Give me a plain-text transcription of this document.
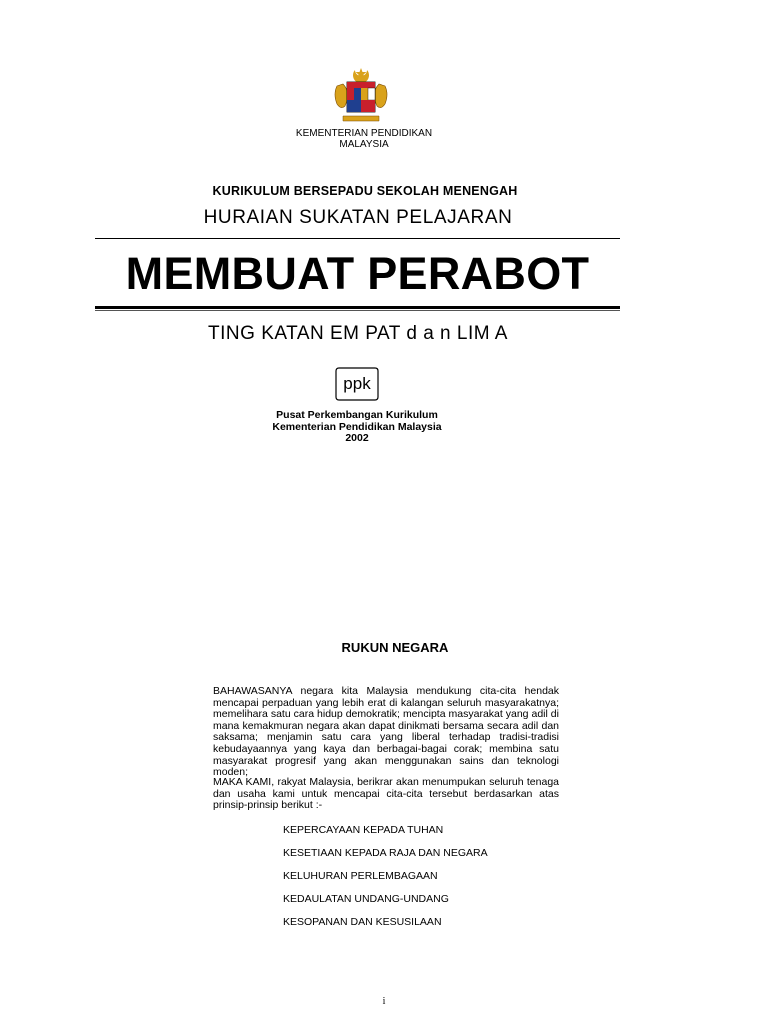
KEMENTERIAN PENDIDIKAN
MALAYSIA
KURIKULUM BERSEPADU SEKOLAH MENENGAH
HURAIAN SUKATAN PELAJARAN
MEMBUAT PERABOT
TING KATAN EM PAT d a n LIM A
ppk
Pusat Perkembangan Kurikulum
Kementerian Pendidikan Malaysia
2002
RUKUN NEGARA
BAHAWASANYA negara kita Malaysia mendukung cita-cita hendak mencapai perpaduan yang lebih erat di kalangan seluruh masyarakatnya; memelihara satu cara hidup demokratik; mencipta masyarakat yang adil di mana kemakmuran negara akan dapat dinikmati bersama secara adil dan saksama; menjamin satu cara yang liberal terhadap tradisi-tradisi kebudayaannya yang kaya dan berbagai-bagai corak; membina satu masyarakat progresif yang akan menggunakan sains dan teknologi moden;
MAKA KAMI, rakyat Malaysia, berikrar akan menumpukan seluruh tenaga dan usaha kami untuk mencapai cita-cita tersebut berdasarkan atas prinsip-prinsip berikut :-
KEPERCAYAAN KEPADA TUHAN
KESETIAAN KEPADA RAJA DAN NEGARA
KELUHURAN PERLEMBAGAAN
KEDAULATAN UNDANG-UNDANG
KESOPANAN DAN KESUSILAAN
i
